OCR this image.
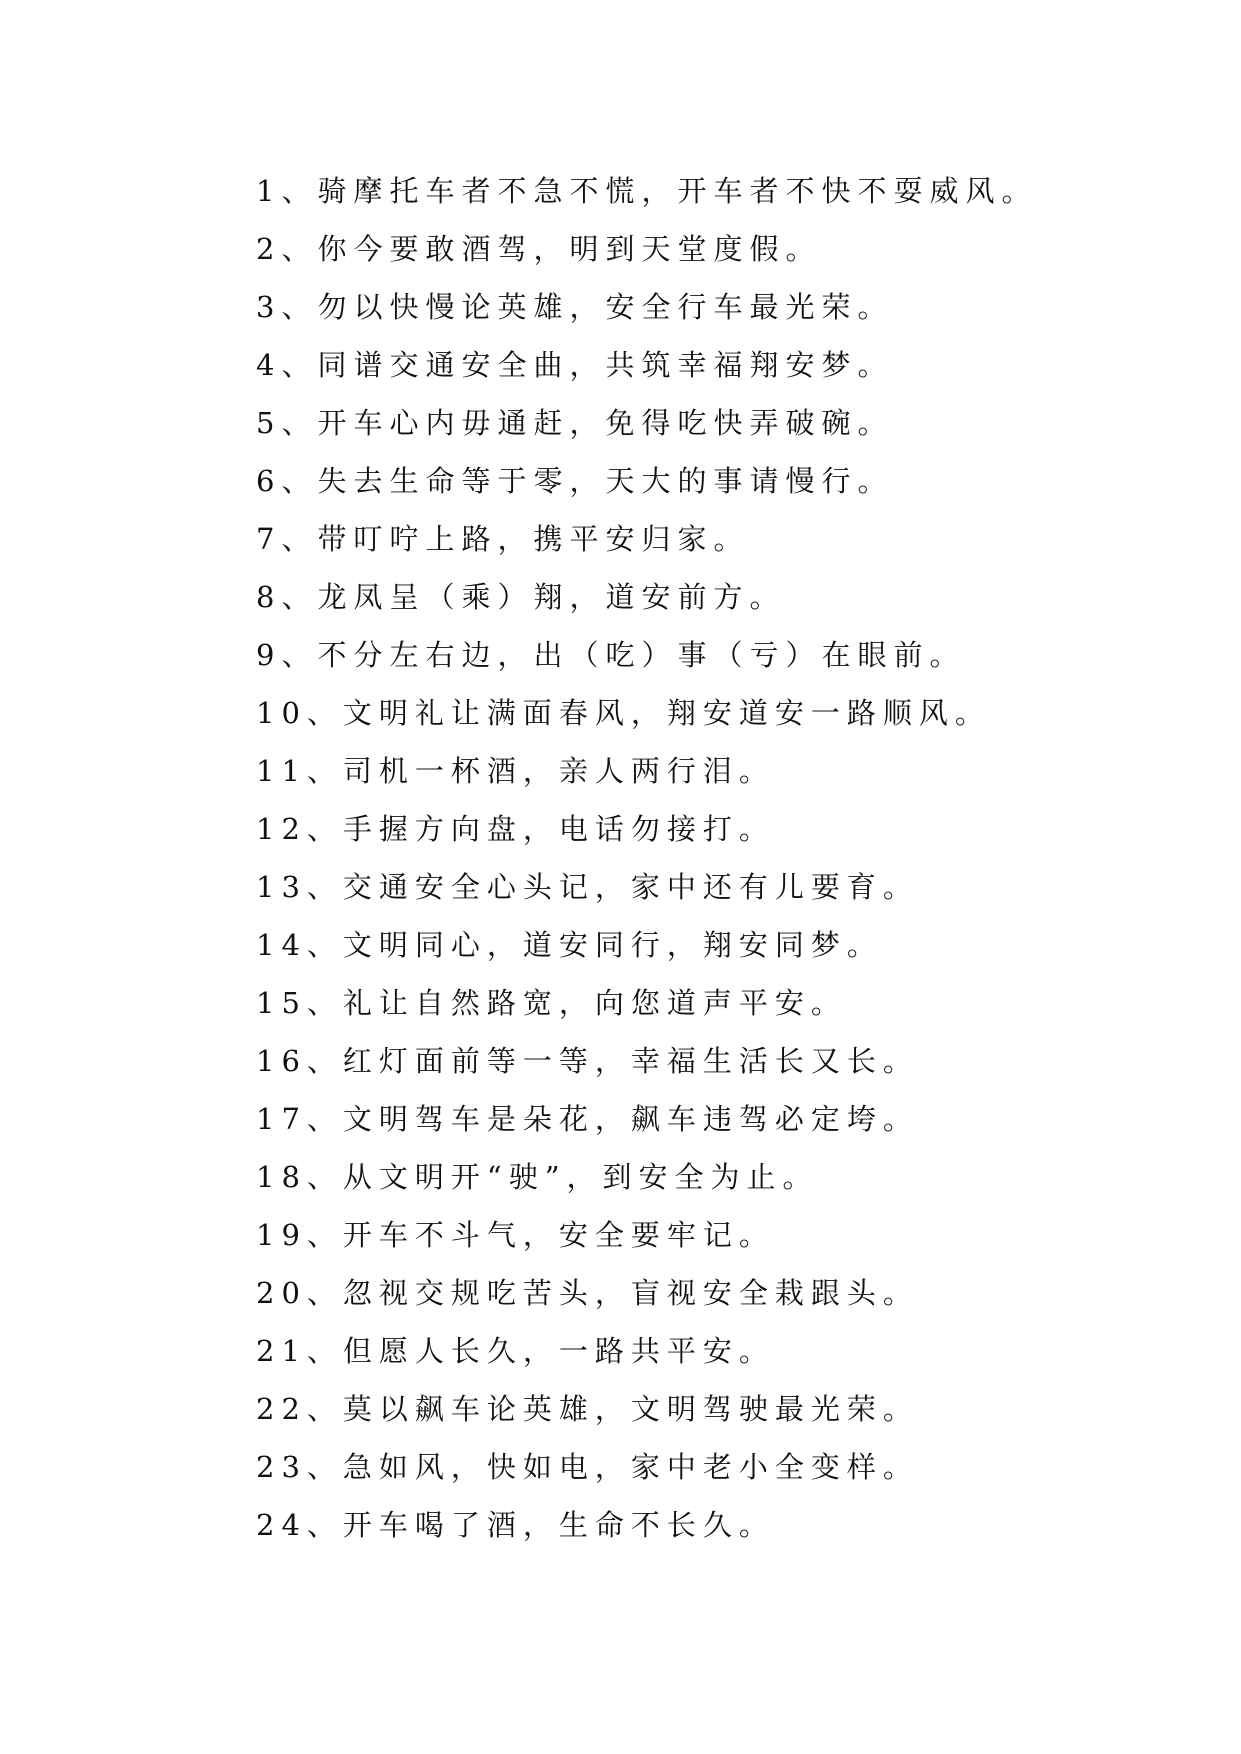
1、骑摩托车者不急不慌，开车者不快不耍威风。
2、你今要敢酒驾，明到天堂度假。
3、勿以快慢论英雄，安全行车最光荣。
4、同谱交通安全曲，共筑幸福翔安梦。
5、开车心内毋通赶，免得吃快弄破碗。
6、失去生命等于零，天大的事请慢行。
7、带叮咛上路，携平安归家。
8、龙凤呈（乘）翔，道安前方。
9、不分左右边，出（吃）事（亏）在眼前。
10、文明礼让满面春风，翔安道安一路顺风。
11、司机一杯酒，亲人两行泪。
12、手握方向盘，电话勿接打。
13、交通安全心头记，家中还有儿要育。
14、文明同心，道安同行，翔安同梦。
15、礼让自然路宽，向您道声平安。
16、红灯面前等一等，幸福生活长又长。
17、文明驾车是朵花，飙车违驾必定垮。
18、从文明开“驶”，到安全为止。
19、开车不斗气，安全要牢记。
20、忽视交规吃苦头，盲视安全栽跟头。
21、但愿人长久，一路共平安。
22、莫以飙车论英雄，文明驾驶最光荣。
23、急如风，快如电，家中老小全变样。
24、开车喝了酒，生命不长久。
